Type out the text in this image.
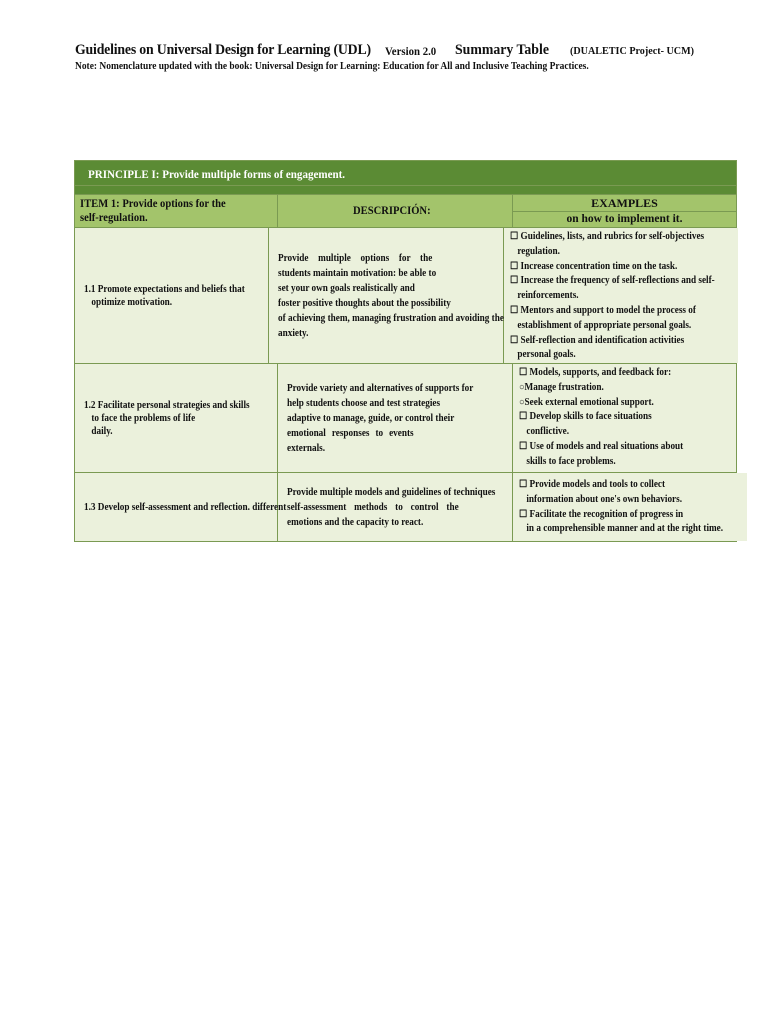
Guidelines on Universal Design for Learning (UDL) Version 2.0 Summary Table (DUALETIC Project- UCM)
Note: Nomenclature updated with the book: Universal Design for Learning: Education for All and Inclusive Teaching Practices.
PRINCIPLE I: Provide multiple forms of engagement.
ITEM 1: Provide options for the
self-regulation.
DESCRIPCIÓN:
EXAMPLES
on how to implement it.
1.1 Promote expectations and beliefs that
optimize motivation.
Provide multiple options for the
students maintain motivation: be able to
set your own goals realistically and
foster positive thoughts about the possibility
of achieving them, managing frustration and avoiding the
anxiety.
☐ Guidelines, lists, and rubrics for self-objectives
regulation.
☐ Increase concentration time on the task.
☐ Increase the frequency of self-reflections and self-
reinforcements.
☐ Mentors and support to model the process of
establishment of appropriate personal goals.
☐ Self-reflection and identification activities
personal goals.
1.2 Facilitate personal strategies and skills
to face the problems of life
daily.
Provide variety and alternatives of supports for
help students choose and test strategies
adaptive to manage, guide, or control their
emotional responses to events
externals.
☐ Models, supports, and feedback for:
○Manage frustration.
○Seek external emotional support.
☐ Develop skills to face situations
conflictive.
☐ Use of models and real situations about
skills to face problems.
1.3 Develop self-assessment and reflection. different
Provide multiple models and guidelines of techniques
self-assessment methods to control the
emotions and the capacity to react.
☐ Provide models and tools to collect
information about one's own behaviors.
☐ Facilitate the recognition of progress in
in a comprehensible manner and at the right time.
